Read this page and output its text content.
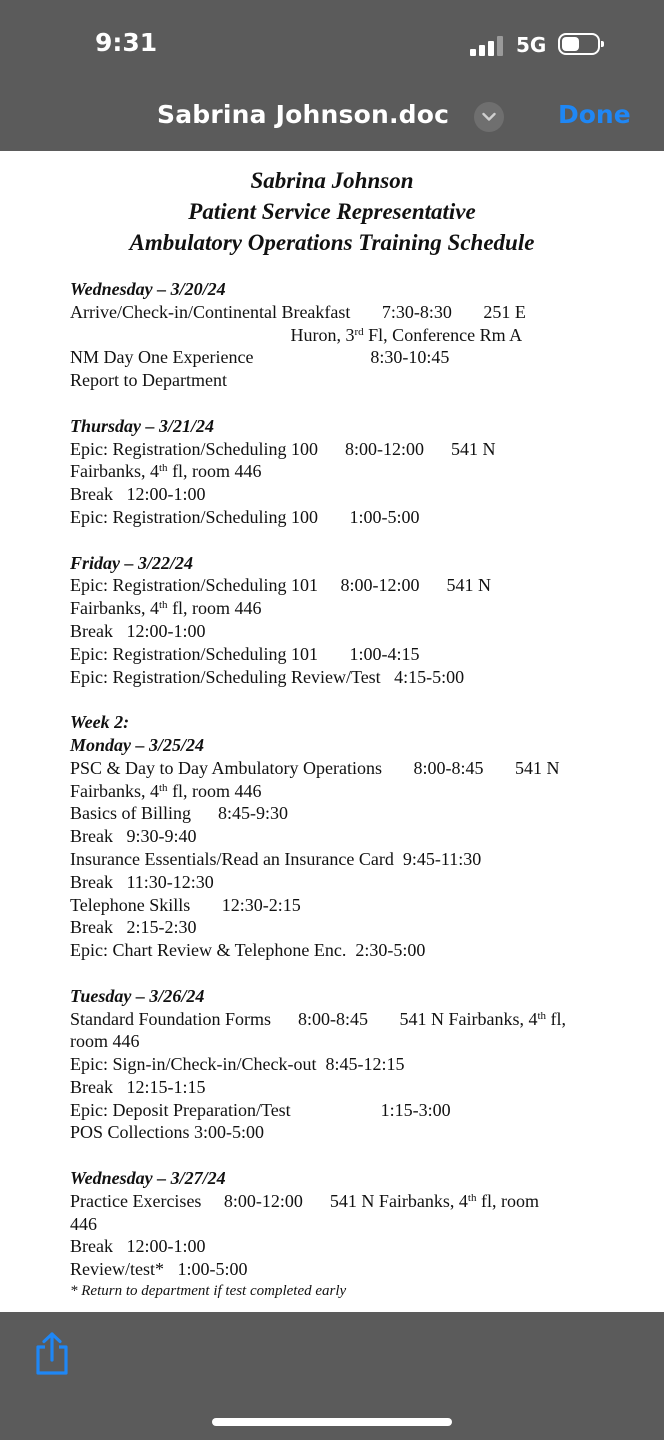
9:31	5G
Sabrina Johnson.doc	Done
Sabrina Johnson
Patient Service Representative
Ambulatory Operations Training Schedule
Wednesday – 3/20/24
Arrive/Check-in/Continental Breakfast       7:30-8:30       251 E
Huron, 3rd Fl, Conference Rm A
NM Day One Experience                          8:30-10:45
Report to Department
Thursday – 3/21/24
Epic: Registration/Scheduling 100      8:00-12:00      541 N
Fairbanks, 4th fl, room 446
Break   12:00-1:00
Epic: Registration/Scheduling 100       1:00-5:00
Friday – 3/22/24
Epic: Registration/Scheduling 101     8:00-12:00      541 N
Fairbanks, 4th fl, room 446
Break   12:00-1:00
Epic: Registration/Scheduling 101       1:00-4:15
Epic: Registration/Scheduling Review/Test   4:15-5:00
Week 2:
Monday – 3/25/24
PSC & Day to Day Ambulatory Operations       8:00-8:45       541 N
Fairbanks, 4th fl, room 446
Basics of Billing      8:45-9:30
Break   9:30-9:40
Insurance Essentials/Read an Insurance Card  9:45-11:30
Break   11:30-12:30
Telephone Skills       12:30-2:15
Break   2:15-2:30
Epic: Chart Review & Telephone Enc.  2:30-5:00
Tuesday – 3/26/24
Standard Foundation Forms      8:00-8:45       541 N Fairbanks, 4th fl,
room 446
Epic: Sign-in/Check-in/Check-out  8:45-12:15
Break   12:15-1:15
Epic: Deposit Preparation/Test                    1:15-3:00
POS Collections 3:00-5:00
Wednesday – 3/27/24
Practice Exercises     8:00-12:00      541 N Fairbanks, 4th fl, room
446
Break   12:00-1:00
Review/test*   1:00-5:00
* Return to department if test completed early
